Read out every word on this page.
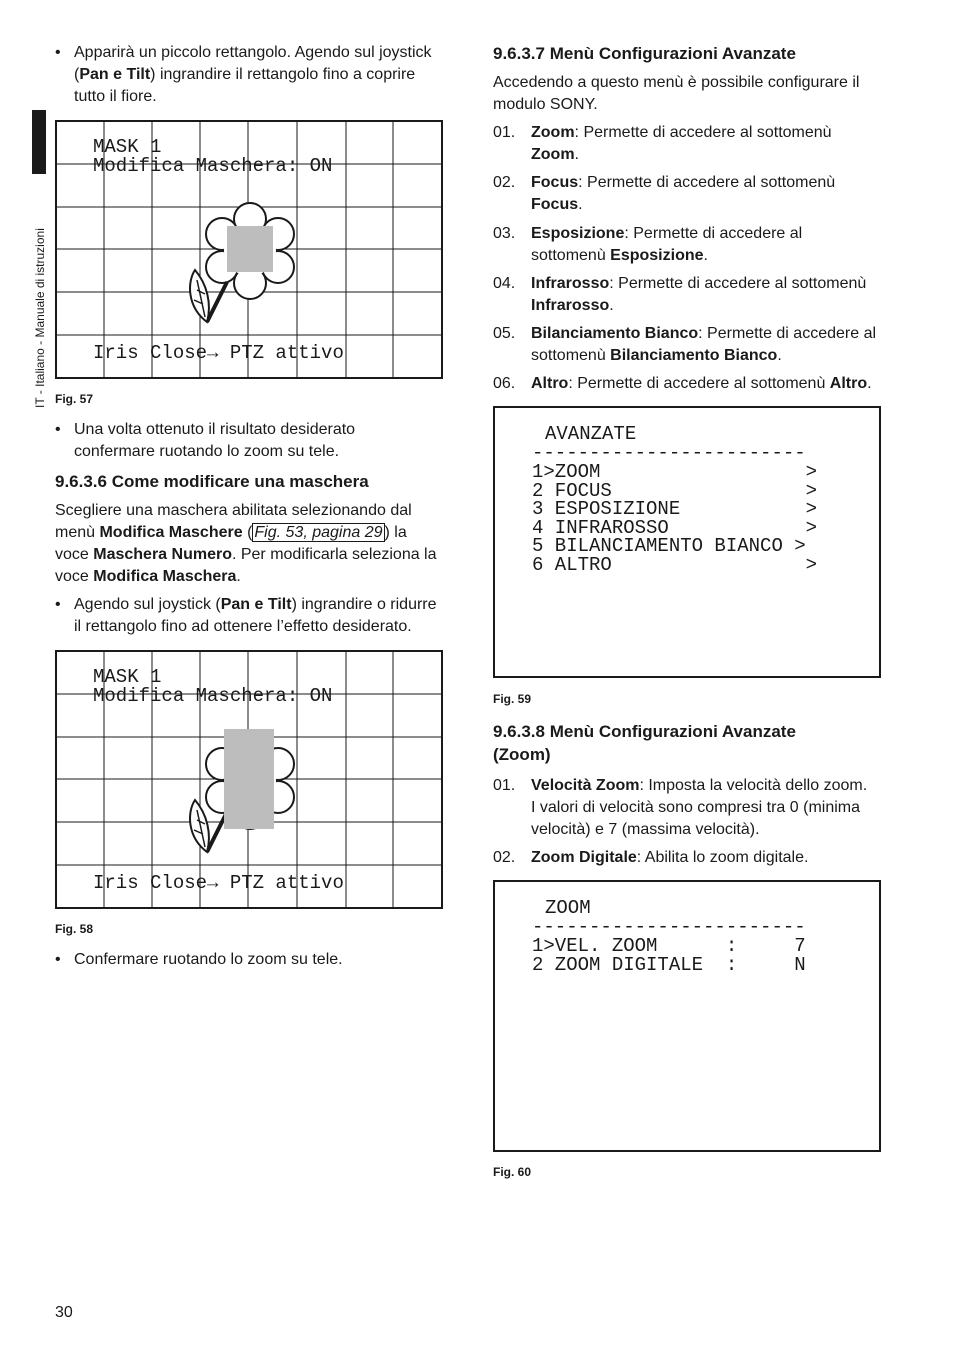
IT - Italiano - Manuale di istruzioni
• Apparirà un piccolo rettangolo. Agendo sul joystick
(Pan e Tilt) ingrandire il rettangolo fino a coprire
tutto il fiore.
MASK 1
Modifica Maschera: ON
Iris Close→ PTZ attivo
Fig. 57
• Una volta ottenuto il risultato desiderato
confermare ruotando lo zoom su tele.
9.6.3.6 Come modificare una maschera
Scegliere una maschera abilitata selezionando dal
menù Modifica Maschere ( Fig. 53, pagina 29 ) la
voce Maschera Numero. Per modificarla seleziona la
voce Modifica Maschera.
• Agendo sul joystick (Pan e Tilt) ingrandire o ridurre
il rettangolo fino ad ottenere l’effetto desiderato.
MASK 1
Modifica Maschera: ON
Iris Close→ PTZ attivo
Fig. 58
• Confermare ruotando lo zoom su tele.
9.6.3.7 Menù Configurazioni Avanzate
Accedendo a questo menù è possibile configurare il
modulo SONY.
01. Zoom: Permette di accedere al sottomenù
Zoom.
02. Focus: Permette di accedere al sottomenù
Focus.
03. Esposizione: Permette di accedere al
sottomenù Esposizione.
04. Infrarosso: Permette di accedere al sottomenù
Infrarosso.
05. Bilanciamento Bianco: Permette di accedere al
sottomenù Bilanciamento Bianco.
06. Altro: Permette di accedere al sottomenù Altro.
AVANZATE
------------------------
1>ZOOM                  >
2 FOCUS                 >
3 ESPOSIZIONE           >
4 INFRAROSSO            >
5 BILANCIAMENTO BIANCO >
6 ALTRO                 >
Fig. 59
9.6.3.8 Menù Configurazioni Avanzate
(Zoom)
01. Velocità Zoom: Imposta la velocità dello zoom.
I valori di velocità sono compresi tra 0 (minima
velocità) e 7 (massima velocità).
02. Zoom Digitale: Abilita lo zoom digitale.
ZOOM
------------------------
1>VEL. ZOOM      :     7
2 ZOOM DIGITALE  :     N
Fig. 60
30
